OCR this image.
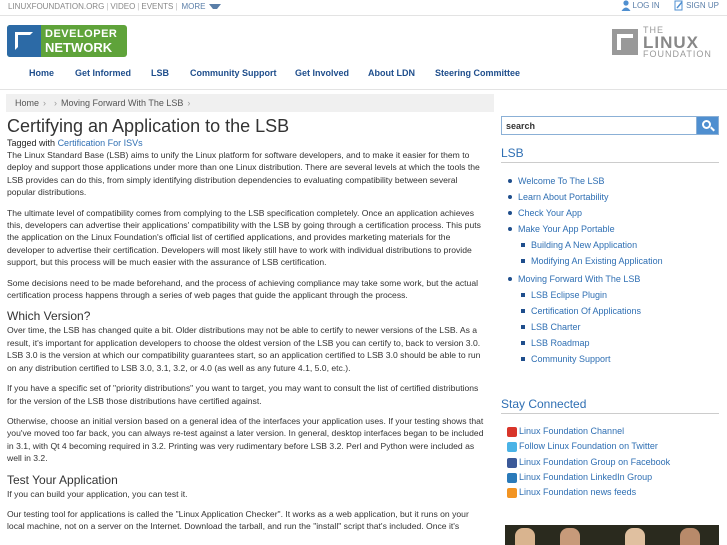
LINUXFOUNDATION.ORG | VIDEO | EVENTS | MORE	LOG IN	SIGN UP
DEVELOPER
NETWORK
THE
LINUX
FOUNDATION
Home Get Informed LSB Community Support Get Involved About LDN Steering Committee
Home › › Moving Forward With The LSB ›
Certifying an Application to the LSB
Tagged with Certification For ISVs

The Linux Standard Base (LSB) aims to unify the Linux platform for software developers, and to make it easier for them to deploy and support those applications under more than one Linux distribution. There are several levels at which the tools the LSB provides can do this, from simply identifying distribution dependencies to evaluating compatibility between several popular distributions.

The ultimate level of compatibility comes from complying to the LSB specification completely. Once an application achieves this, developers can advertise their applications' compatibility with the LSB by going through a certification process. This puts the application on the Linux Foundation's official list of certified applications, and provides marketing materials for the developer to advertise their certification. Developers will most likely still have to work with individual distributions to provide support, but this process will be much easier with the assurance of LSB certification.

Some decisions need to be made beforehand, and the process of achieving compliance may take some work, but the actual certification process happens through a series of web pages that guide the applicant through the process.

Which Version?

Over time, the LSB has changed quite a bit. Older distributions may not be able to certify to newer versions of the LSB. As a result, it's important for application developers to choose the oldest version of the LSB you can certify to, back to version 3.0. LSB 3.0 is the version at which our compatibility guarantees start, so an application certified to LSB 3.0 should be able to run on any distribution certified to LSB 3.0, 3.1, 3.2, or 4.0 (as well as any future 4.1, 5.0, etc.).

If you have a specific set of "priority distributions" you want to target, you may want to consult the list of certified distributions for the version of the LSB those distributions have certified against.

Otherwise, choose an initial version based on a general idea of the interfaces your application uses. If your testing shows that you've moved too far back, you can always re-test against a later version. In general, desktop interfaces began to be included in 3.1, with Qt 4 becoming required in 3.2. Printing was very rudimentary before LSB 3.2. Perl and Python were included as well in 3.2.

Test Your Application

If you can build your application, you can test it.

Our testing tool for applications is called the "Linux Application Checker". It works as a web application, but it runs on your local machine, not on a server on the Internet. Download the tarball, and run the "install" script that's included. Once it's

search
LSB
Welcome To The LSB
Learn About Portability
Check Your App
Make Your App Portable
Building A New Application
Modifying An Existing Application
Moving Forward With The LSB
LSB Eclipse Plugin
Certification Of Applications
LSB Charter
LSB Roadmap
Community Support
Stay Connected
Linux Foundation Channel
Follow Linux Foundation on Twitter
Linux Foundation Group on Facebook
Linux Foundation LinkedIn Group
Linux Foundation news feeds
